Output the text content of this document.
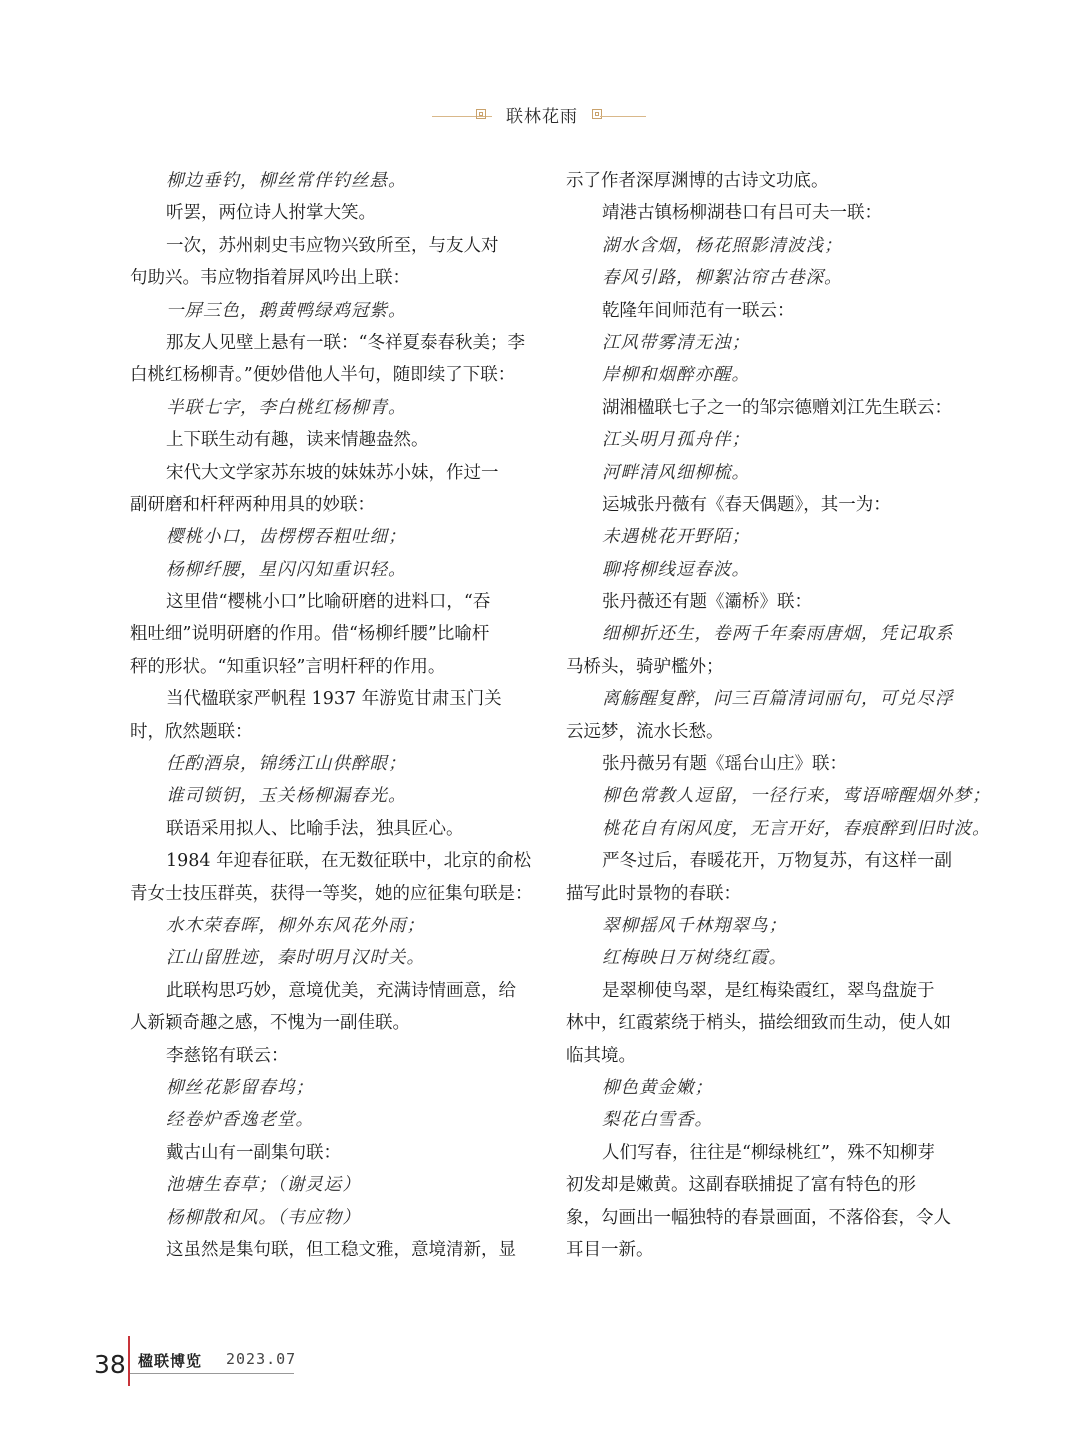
联林花雨
柳边垂钓，柳丝常伴钓丝悬。
听罢，两位诗人拊掌大笑。
一次，苏州刺史韦应物兴致所至，与友人对
句助兴。韦应物指着屏风吟出上联：
一屏三色，鹅黄鸭绿鸡冠紫。
那友人见壁上悬有一联：“冬祥夏泰春秋美；李
白桃红杨柳青。”便妙借他人半句，随即续了下联：
半联七字，李白桃红杨柳青。
上下联生动有趣，读来情趣盎然。
宋代大文学家苏东坡的妹妹苏小妹，作过一
副研磨和杆秤两种用具的妙联：
樱桃小口，齿楞楞吞粗吐细；
杨柳纤腰，星闪闪知重识轻。
这里借“樱桃小口”比喻研磨的进料口，“吞
粗吐细”说明研磨的作用。借“杨柳纤腰”比喻杆
秤的形状。“知重识轻”言明杆秤的作用。
当代楹联家严帆程 1937 年游览甘肃玉门关
时，欣然题联：
任酌酒泉，锦绣江山供醉眼；
谁司锁钥，玉关杨柳漏春光。
联语采用拟人、比喻手法，独具匠心。
1984 年迎春征联，在无数征联中，北京的俞松
青女士技压群英，获得一等奖，她的应征集句联是：
水木荣春晖，柳外东风花外雨；
江山留胜迹，秦时明月汉时关。
此联构思巧妙，意境优美，充满诗情画意，给
人新颖奇趣之感，不愧为一副佳联。
李慈铭有联云：
柳丝花影留春坞；
经卷炉香逸老堂。
戴古山有一副集句联：
池塘生春草；（谢灵运）
杨柳散和风。（韦应物）
这虽然是集句联，但工稳文雅，意境清新，显
示了作者深厚渊博的古诗文功底。
靖港古镇杨柳湖巷口有吕可夫一联：
湖水含烟，杨花照影清波浅；
春风引路，柳絮沾帘古巷深。
乾隆年间师范有一联云：
江风带雾清无浊；
岸柳和烟醉亦醒。
湖湘楹联七子之一的邹宗德赠刘江先生联云：
江头明月孤舟伴；
河畔清风细柳梳。
运城张丹薇有《春天偶题》，其一为：
未遇桃花开野陌；
聊将柳线逗春波。
张丹薇还有题《灞桥》联：
细柳折还生，卷两千年秦雨唐烟，凭记取系
马桥头，骑驴檻外；
离觞醒复醉，问三百篇清词丽句，可兑尽浮
云远梦，流水长愁。
张丹薇另有题《瑶台山庄》联：
柳色常教人逗留，一径行来，莺语啼醒烟外梦；
桃花自有闲风度，无言开好，春痕醉到旧时波。
严冬过后，春暖花开，万物复苏，有这样一副
描写此时景物的春联：
翠柳摇风千林翔翠鸟；
红梅映日万树绕红霞。
是翠柳使鸟翠，是红梅染霞红，翠鸟盘旋于
林中，红霞萦绕于梢头，描绘细致而生动，使人如
临其境。
柳色黄金嫩；
梨花白雪香。
人们写春，往往是“柳绿桃红”，殊不知柳芽
初发却是嫩黄。这副春联捕捉了富有特色的形
象，勾画出一幅独特的春景画面，不落俗套，令人
耳目一新。
38 楹联博览 2023.07
